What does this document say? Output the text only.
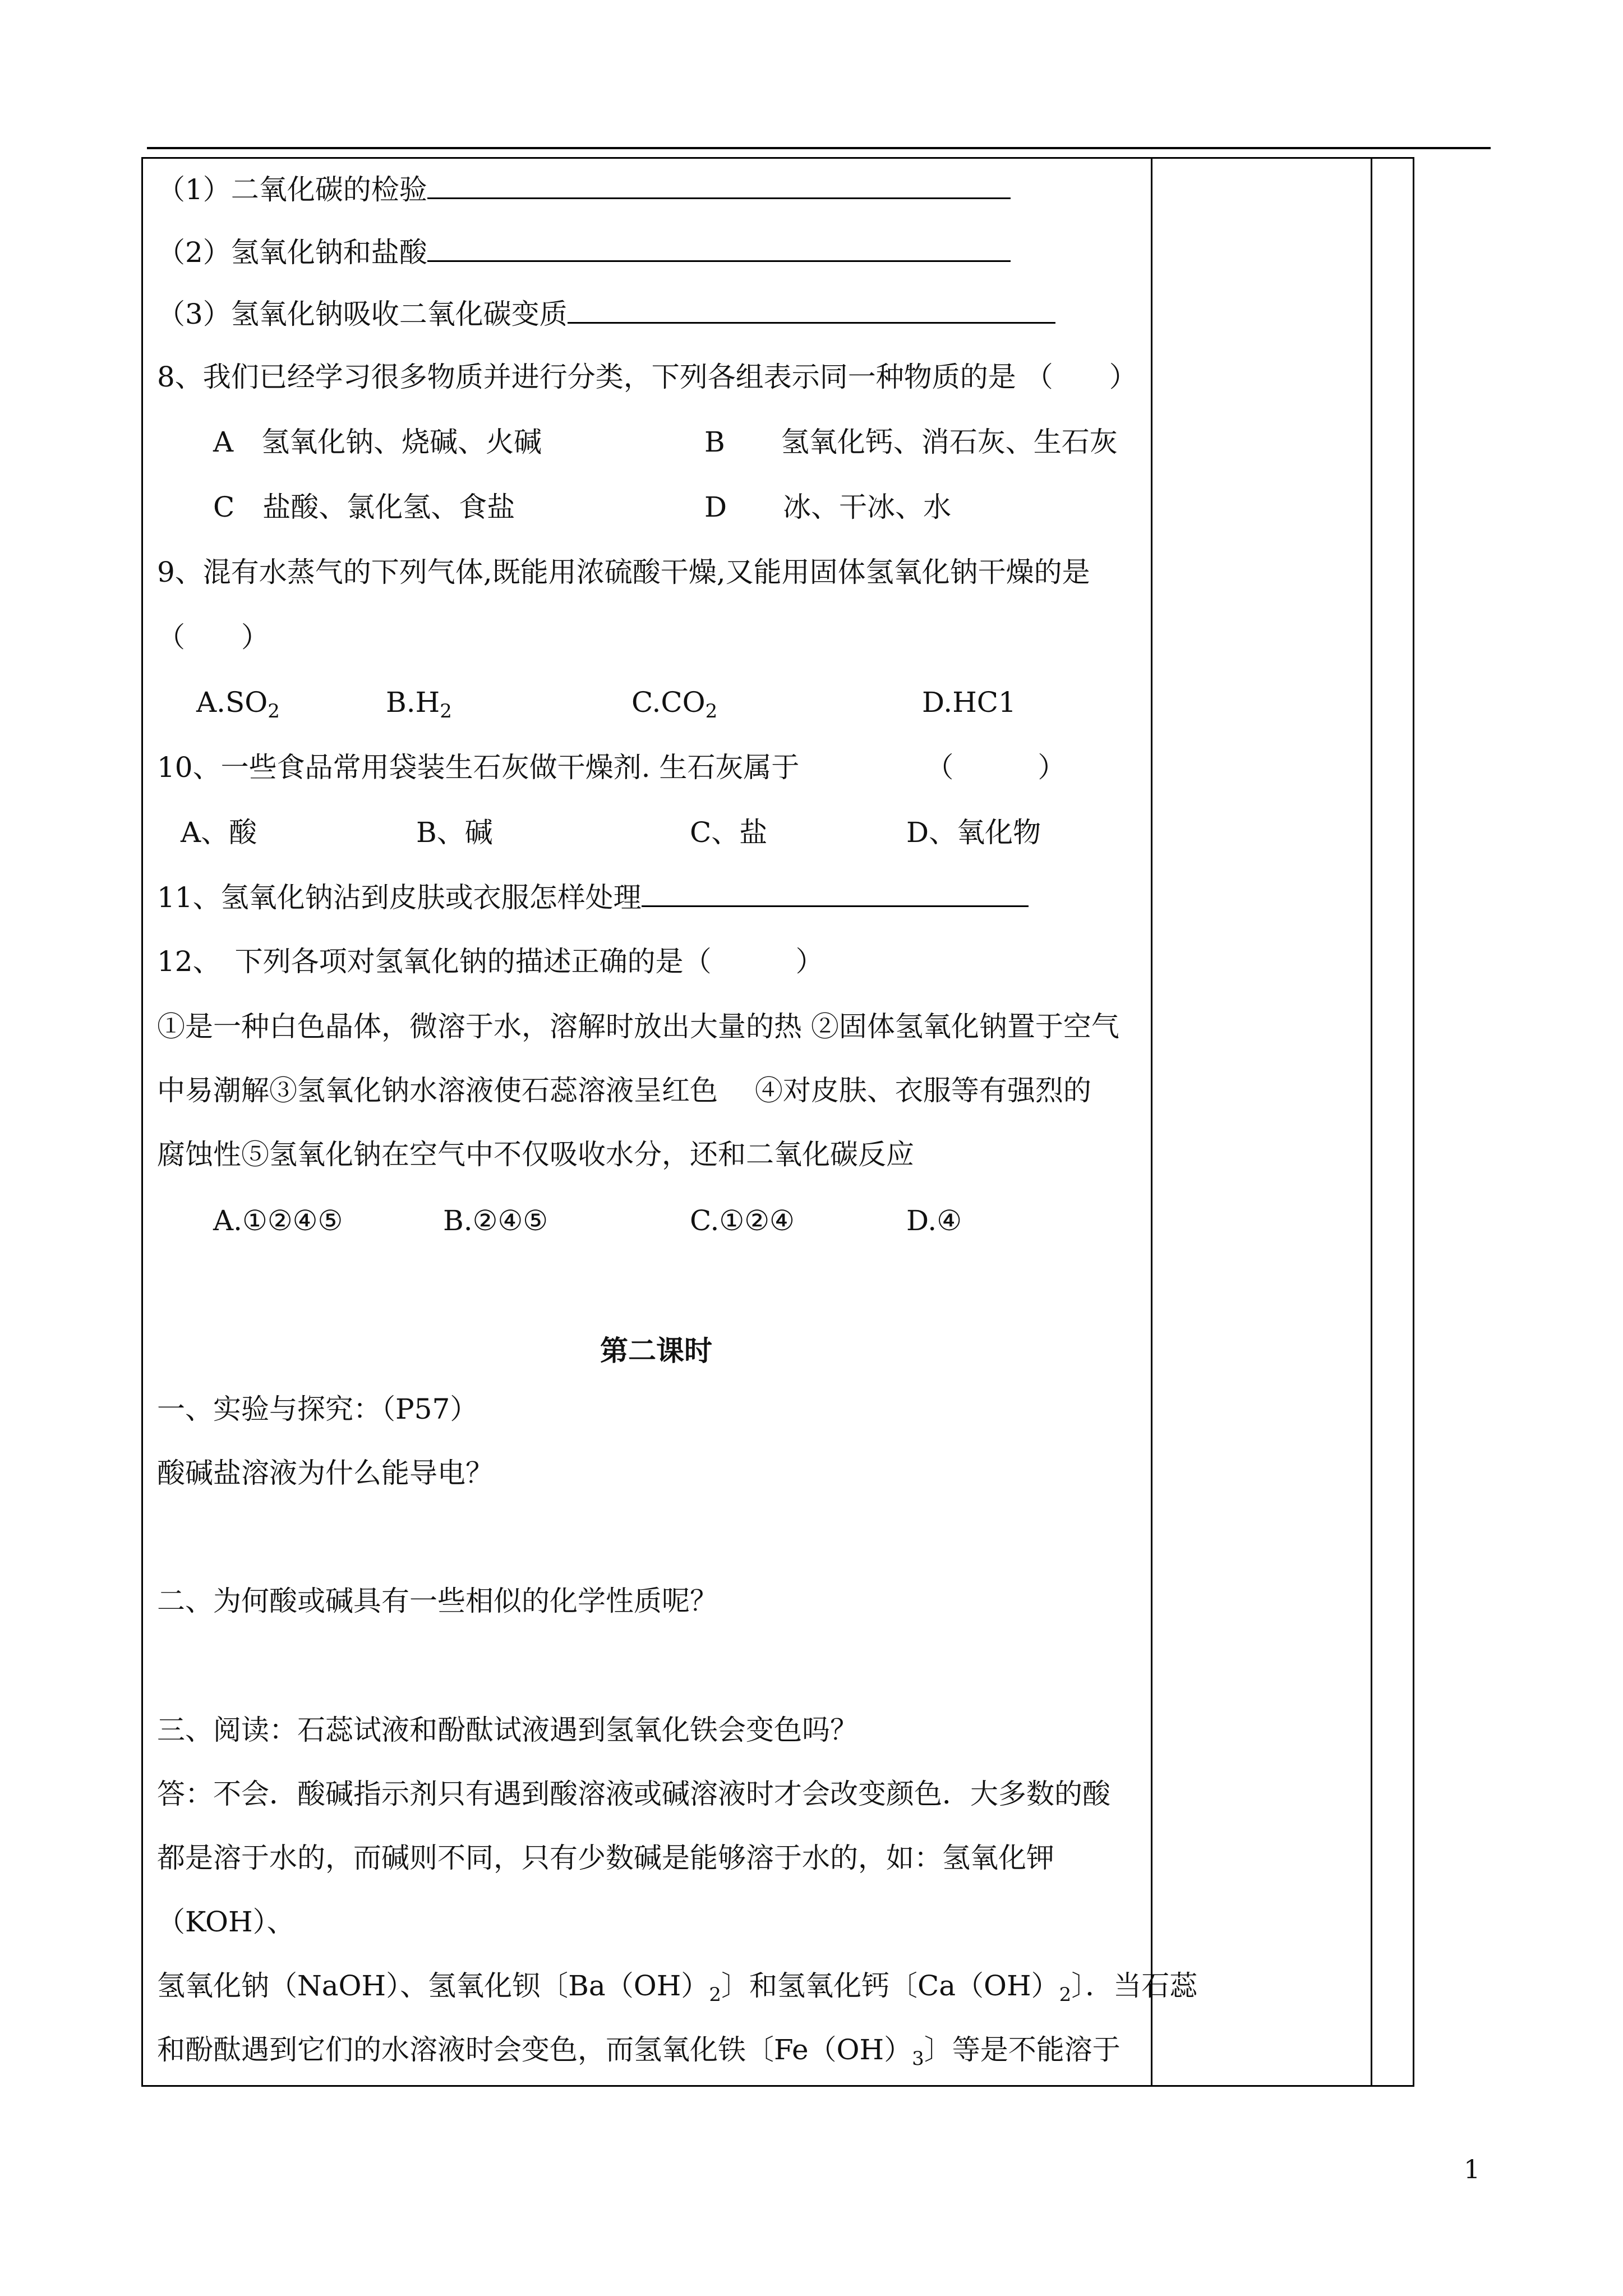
（1）二氧化碳的检验
（2）氢氧化钠和盐酸
（3）氢氧化钠吸收二氧化碳变质
8、我们已经学习很多物质并进行分类，下列各组表示同一种物质的是 （　　）
A　氢氧化钠、烧碱、火碱	B　　氢氧化钙、消石灰、生石灰
C　盐酸、氯化氢、食盐	D　　冰、干冰、水
9、混有水蒸气的下列气体,既能用浓硫酸干燥,又能用固体氢氧化钠干燥的是
（　　）
$A.SO_2$	$B.H_2$	$C.CO_2$	D.HC1
10、一些食品常用袋装生石灰做干燥剂. 生石灰属于　　　　　（　　　）
A、酸	B、碱	C、盐	D、氧化物
11、氢氧化钠沾到皮肤或衣服怎样处理
12、　下列各项对氢氧化钠的描述正确的是（　　　）
①是一种白色晶体，微溶于水，溶解时放出大量的热 ②固体氢氧化钠置于空气
中易潮解③氢氧化钠水溶液使石蕊溶液呈红色　 ④对皮肤、衣服等有强烈的
腐蚀性⑤氢氧化钠在空气中不仅吸收水分，还和二氧化碳反应
A.①②④⑤	B.②④⑤	C.①②④	D.④
第二课时
一、实验与探究：（P57）
酸碱盐溶液为什么能导电？
二、为何酸或碱具有一些相似的化学性质呢？
三、阅读：石蕊试液和酚酞试液遇到氢氧化铁会变色吗？
答：不会．酸碱指示剂只有遇到酸溶液或碱溶液时才会改变颜色．大多数的酸
都是溶于水的，而碱则不同，只有少数碱是能够溶于水的，如：氢氧化钾
（KOH）、
氢氧化钠（NaOH）、氢氧化钡〔$Ba(OH)_2$〕和氢氧化钙〔$Ca(OH)_2$〕．当石蕊
和酚酞遇到它们的水溶液时会变色，而氢氧化铁〔$Fe(OH)_3$〕等是不能溶于
1
